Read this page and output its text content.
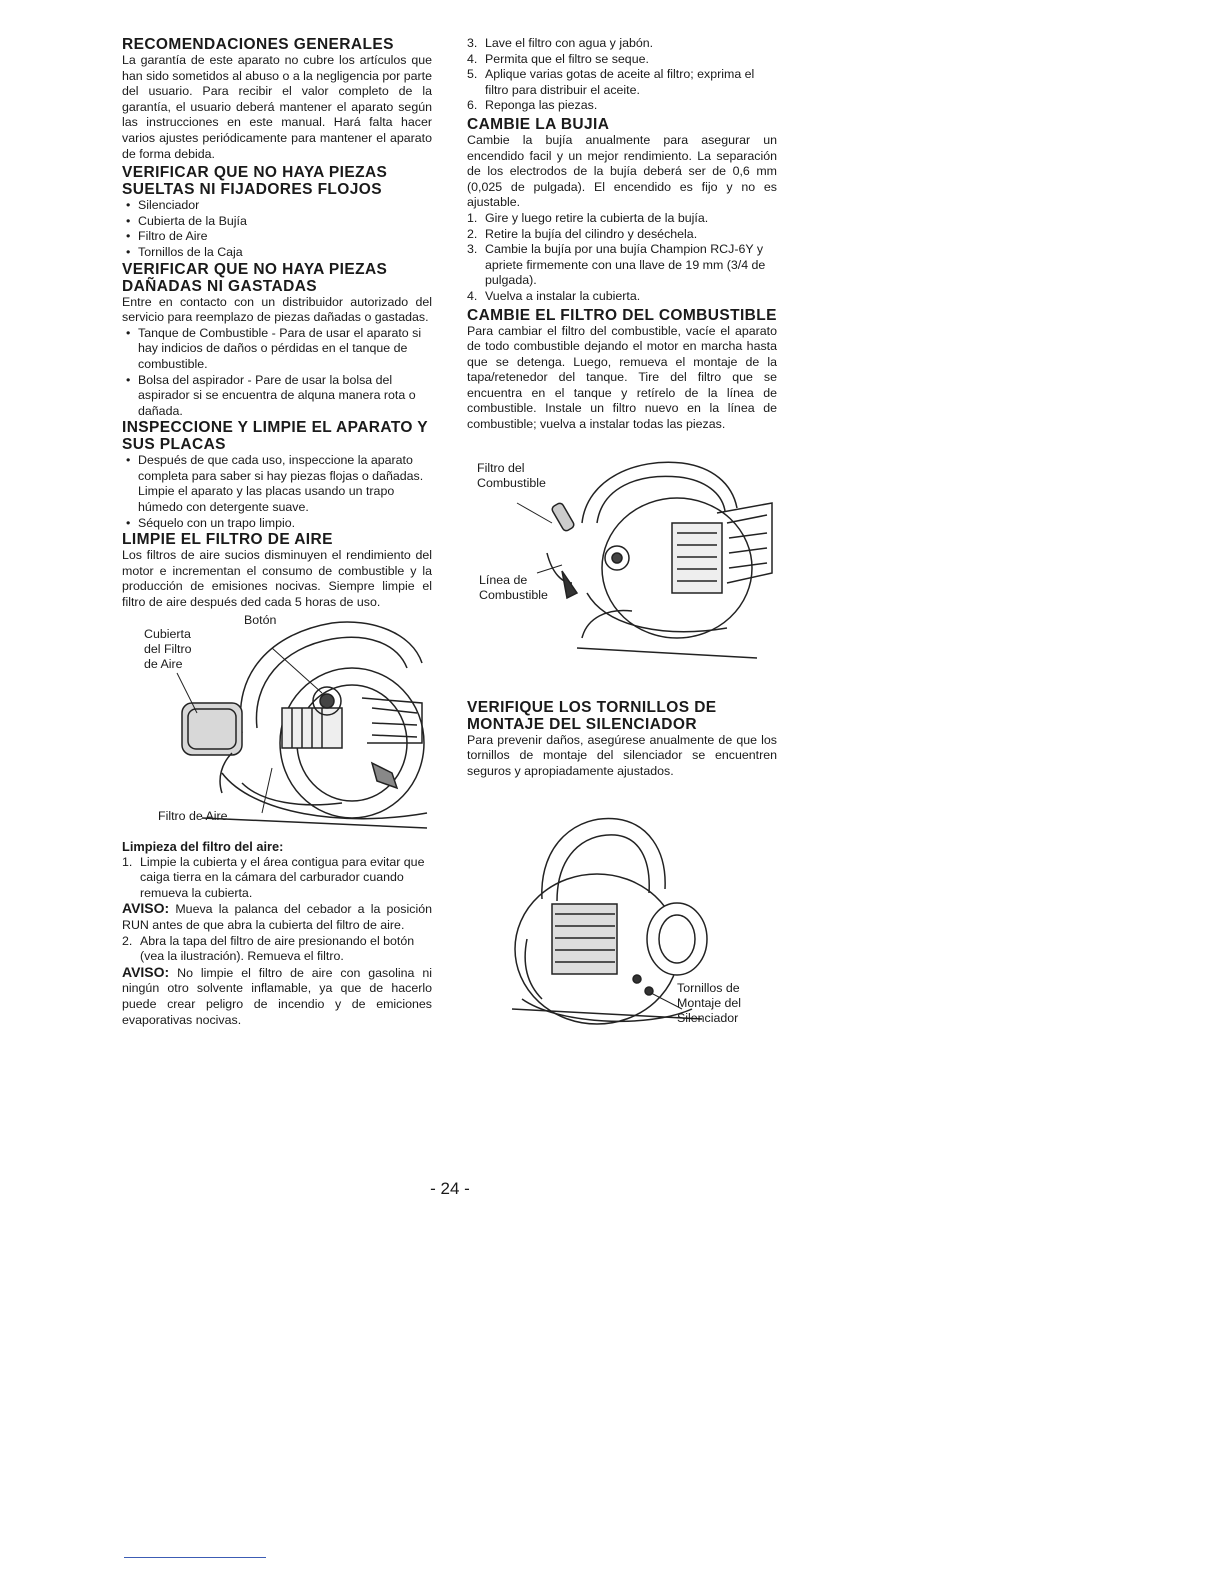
RECOMENDACIONES GENERALES

La garantía de este aparato no cubre los artículos que han sido sometidos al abuso o a la negligencia por parte del usuario. Para recibir el valor completo de la garantía, el usuario deberá mantener el aparato según las instrucciones en este manual. Hará falta hacer varios ajustes periódicamente para mantener el aparato de forma debida.

VERIFICAR QUE NO HAYA PIEZAS SUELTAS NI FIJADORES FLOJOS
• Silenciador
• Cubierta de la Bujía
• Filtro de Aire
• Tornillos de la Caja
VERIFICAR QUE NO HAYA PIEZAS DAÑADAS NI GASTADAS

Entre en contacto con un distribuidor autorizado del servicio para reemplazo de piezas dañadas o gastadas.

• Tanque de Combustible - Para de usar el aparato si hay indicios de daños o pérdidas en el tanque de combustible.
• Bolsa del aspirador - Pare de usar la bolsa del aspirador si se encuentra de alquna manera rota o dañada.
INSPECCIONE Y LIMPIE EL APARATO Y SUS PLACAS
• Después de que cada uso, inspeccione la aparato completa para saber si hay piezas flojas o dañadas. Limpie el aparato y las placas usando un trapo húmedo con detergente suave.
• Séquelo con un trapo limpio.
LIMPIE EL FILTRO DE AIRE

Los filtros de aire sucios disminuyen el rendimiento del motor e incrementan el consumo de combustible y la producción de emisiones nocivas. Siempre limpie el filtro de aire después ded cada 5 horas de uso.

Cubierta
del Filtro
de Aire
Botón
Filtro de Aire
Limpieza del filtro del aire:
1. Limpie la cubierta y el área contigua para evitar que caiga tierra en la cámara del carburador cuando remueva la cubierta.

AVISO: Mueva la palanca del cebador a la posición RUN antes de que abra la cubierta del filtro de aire.

2. Abra la tapa del filtro de aire presionando el botón (vea la ilustración). Remueva el filtro.

AVISO: No limpie el filtro de aire con gasolina ni ningún otro solvente inflamable, ya que de hacerlo puede crear peligro de incendio y de emiciones evaporativas nocivas.

3. Lave el filtro con agua y jabón.
4. Permita que el filtro se seque.
5. Aplique varias gotas de aceite al filtro; exprima el filtro para distribuir el aceite.
6. Reponga las piezas.
CAMBIE LA BUJIA

Cambie la bujía anualmente para asegurar un encendido facil y un mejor rendimiento. La separación de los electrodos de la bujía deberá ser de 0,6 mm (0,025 de pulgada). El encendido es fijo y no es ajustable.

1. Gire y luego retire la cubierta de la bujía.
2. Retire la bujía del cilindro y deséchela.
3. Cambie la bujía por una bujía Champion RCJ-6Y y apriete firmemente con una llave de 19 mm (3/4 de pulgada).
4. Vuelva a instalar la cubierta.
CAMBIE EL FILTRO DEL COMBUSTIBLE

Para cambiar el filtro del combustible, vacíe el aparato de todo combustible dejando el motor en marcha hasta que se detenga. Luego, remueva el montaje de la tapa/retenedor del tanque. Tire del filtro que se encuentra en el tanque y retírelo de la línea de combustible. Instale un filtro nuevo en la línea de combustible; vuelva a instalar todas las piezas.

Filtro del
Combustible
Línea de
Combustible
VERIFIQUE LOS TORNILLOS DE MONTAJE DEL SILENCIADOR

Para prevenir daños, asegúrese anualmente de que los tornillos de montaje del silenciador se encuentren seguros y apropiadamente ajustados.

Tornillos de
Montaje del
Silenciador
- 24 -
